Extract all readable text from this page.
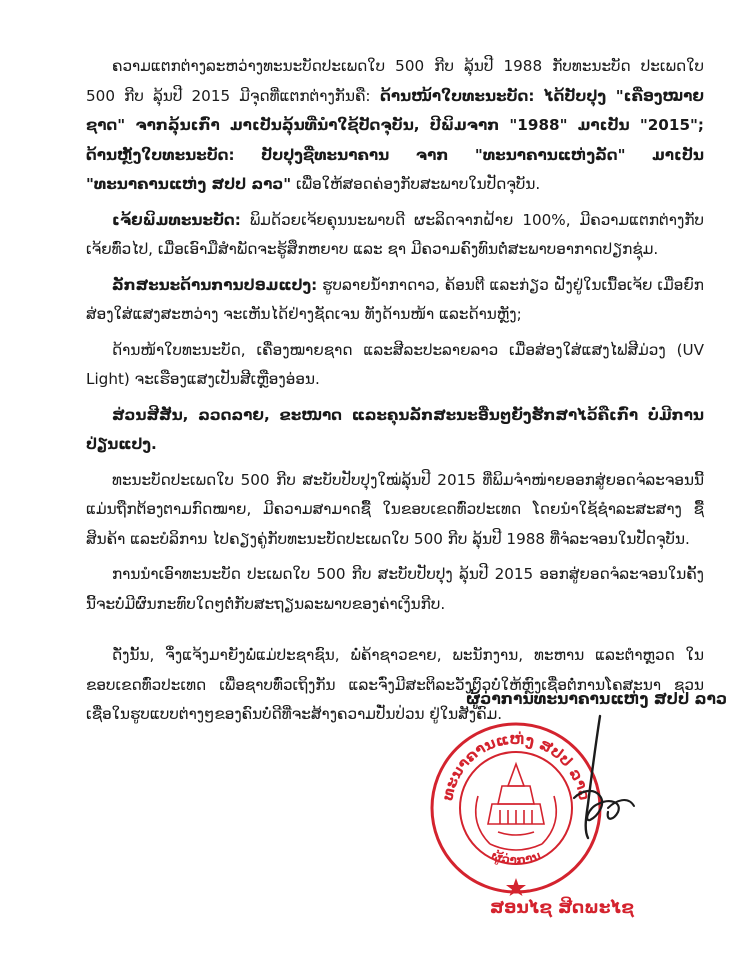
ຄວາມແຕກຕ່າງລະຫວ່າງທະນະບັດປະເພດໃບ 500 ກີບ ລຸ້ນປີ 1988 ກັບທະນະບັດ ປະເພດໃບ 500 ກີບ ລຸ້ນປີ 2015 ມີຈຸດທີ່ແຕກຕ່າງກັນຄື: ດ້ານໜ້າໃບທະນະບັດ: ໄດ້ປັບປຸງ "ເຄື່ອງໝາຍຊາດ" ຈາກລຸ້ນເກົ່າ ມາເປັນລຸ້ນທີ່ນຳໃຊ້ປັດຈຸບັນ, ປີພິມຈາກ "1988" ມາເປັນ "2015"; ດ້ານຫຼັງໃບທະນະບັດ: ປັບປຸງຊື່ທະນາຄານ ຈາກ "ທະນາຄານແຫ່ງລັດ" ມາເປັນ "ທະນາຄານແຫ່ງ ສປປ ລາວ" ເພື່ອໃຫ້ສອດຄ່ອງກັບສະພາບໃນປັດຈຸບັນ.

ເຈ້ຍພິມທະນະບັດ: ພິມດ້ວຍເຈ້ຍຄຸນນະພາບດີ ຜະລິດຈາກຝ້າຍ 100%, ມີຄວາມແຕກຕ່າງກັບເຈ້ຍທົ່ວໄປ, ເມື່ອເອົາມືສຳພັດຈະຮູ້ສຶກຫຍາບ ແລະ ຊາ ມີຄວາມຄົງທົນຕໍ່ສະພາບອາກາດປຽກຊຸ່ມ.

ລັກສະນະດ້ານການປອມແປງ: ຮູບລາຍນ້ຳກາດາວ, ຄ້ອນຕີ ແລະກ່ຽວ ຝັງຢູ່ໃນເນື້ອເຈ້ຍ ເມື່ອຍົກສ່ອງໃສ່ແສງສະຫວ່າງ ຈະເຫັນໄດ້ຢ່າງຊັດເຈນ ທັງດ້ານໜ້າ ແລະດ້ານຫຼັງ;

ດ້ານໜ້າໃບທະນະບັດ, ເຄື່ອງໝາຍຊາດ ແລະສີລະປະລາຍລາວ ເມື່ອສ່ອງໃສ່ແສງໄຟສີມ່ວງ (UV Light) ຈະເຮືອງແສງເປັນສີເຫຼືອງອ່ອນ.

ສ່ວນສີສັນ, ລວດລາຍ, ຂະໜາດ ແລະຄຸນລັກສະນະອື່ນໆຍັງຮັກສາໄວ້ຄືເກົ່າ ບໍ່ມີການປ່ຽນແປງ.

ທະນະບັດປະເພດໃບ 500 ກີບ ສະບັບປັບປຸງໃໝ່ລຸ້ນປີ 2015 ທີ່ພິມຈຳໜ່າຍອອກສູ່ຍອດຈໍລະຈອນນີ້ ແມ່ນຖືກຕ້ອງຕາມກົດໝາຍ, ມີຄວາມສາມາດຊື້ ໃນຂອບເຂດທົ່ວປະເທດ ໂດຍນຳໃຊ້ຊຳລະສະສາງ ຊື້ສິນຄ້າ ແລະບໍລິການ ໄປຄຽງຄູ່ກັບທະນະບັດປະເພດໃບ 500 ກີບ ລຸ້ນປີ 1988 ທີ່ຈໍລະຈອນໃນປັດຈຸບັນ.

ການນຳເອົາທະນະບັດ ປະເພດໃບ 500 ກີບ ສະບັບປັບປຸງ ລຸ້ນປີ 2015 ອອກສູ່ຍອດຈໍລະຈອນໃນຄັ້ງນີ້ຈະບໍ່ມີຜົນກະທົບໃດໆຕໍ່ກັບສະຖຽນລະພາບຂອງຄ່າເງິນກີບ.

ດັ່ງນັ້ນ, ຈຶ່ງແຈ້ງມາຍັງພໍ່ແມ່ປະຊາຊົນ, ພໍ່ຄ້າຊາວຂາຍ, ພະນັກງານ, ທະຫານ ແລະຕຳຫຼວດ ໃນຂອບເຂດທົ່ວປະເທດ ເພື່ອຊາບທົ່ວເຖິງກັນ ແລະຈົ່ງມີສະຕິລະວັງຕົວບໍ່ໃຫ້ຫຼົງເຊື່ອຕໍ່ການໂຄສະນາ ຊວນເຊື່ອໃນຮູບແບບຕ່າງໆຂອງຄົນບໍ່ດີທີ່ຈະສ້າງຄວາມປັ່ນປ່ວນ ຢູ່ໃນສັງຄົມ.

ຜູ້ວ່າການທະນາຄານແຫ່ງ ສປປ ລາວ
ທະນາຄານແຫ່ງ ສປປ ລາວ
ຜູ້ວ່າການ
ສອນໄຊ ສີດພະໄຊ
